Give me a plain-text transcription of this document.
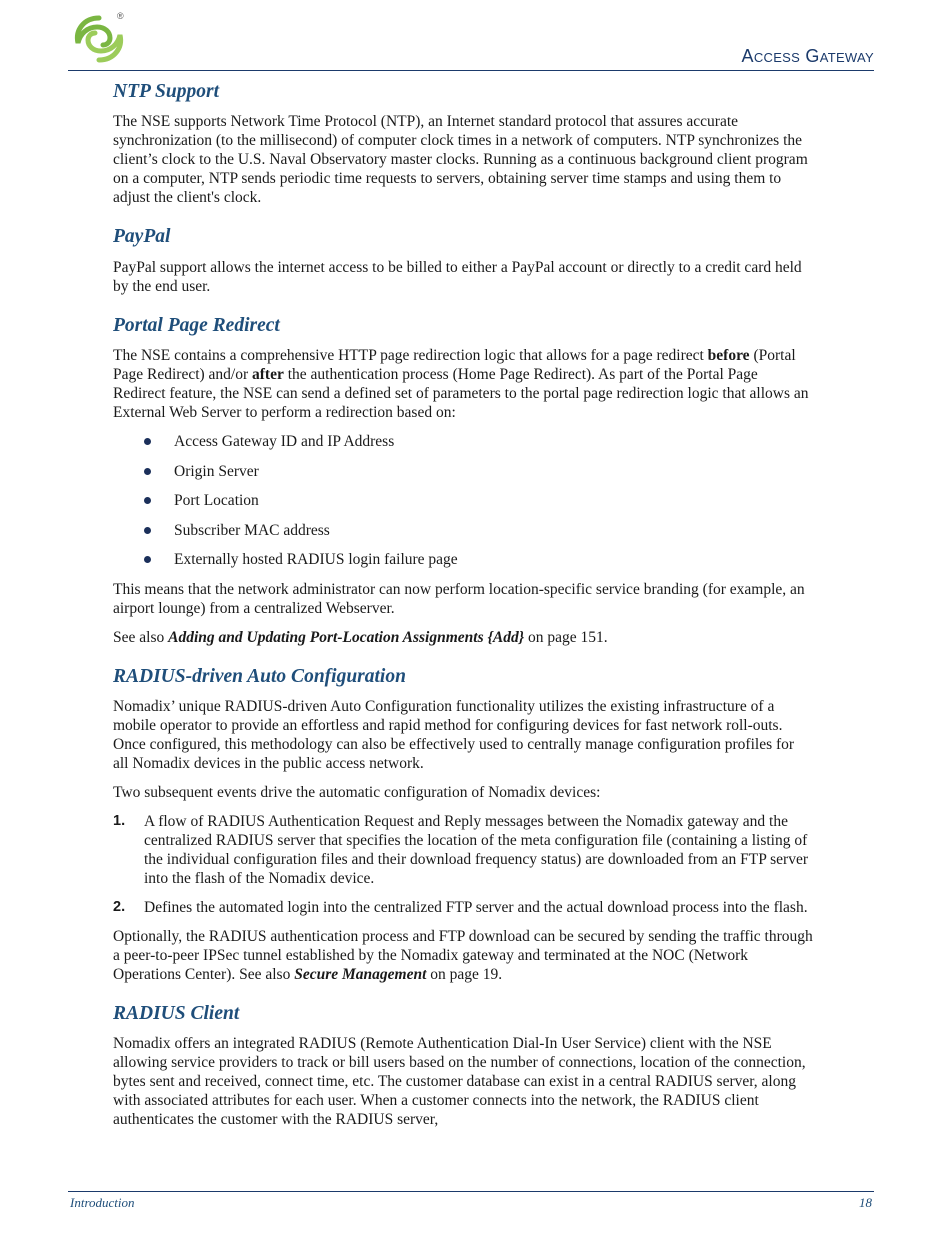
®
Access Gateway
NTP Support

The NSE supports Network Time Protocol (NTP), an Internet standard protocol that assures accurate synchronization (to the millisecond) of computer clock times in a network of computers. NTP synchronizes the client’s clock to the U.S. Naval Observatory master clocks. Running as a continuous background client program on a computer, NTP sends periodic time requests to servers, obtaining server time stamps and using them to adjust the client's clock.

PayPal

PayPal support allows the internet access to be billed to either a PayPal account or directly to a credit card held by the end user.

Portal Page Redirect

The NSE contains a comprehensive HTTP page redirection logic that allows for a page redirect before (Portal Page Redirect) and/or after the authentication process (Home Page Redirect). As part of the Portal Page Redirect feature, the NSE can send a defined set of parameters to the portal page redirection logic that allows an External Web Server to perform a redirection based on:

Access Gateway ID and IP Address
Origin Server
Port Location
Subscriber MAC address
Externally hosted RADIUS login failure page

This means that the network administrator can now perform location-specific service branding (for example, an airport lounge) from a centralized Webserver.

See also Adding and Updating Port-Location Assignments {Add} on page 151.

RADIUS-driven Auto Configuration

Nomadix’ unique RADIUS-driven Auto Configuration functionality utilizes the existing infrastructure of a mobile operator to provide an effortless and rapid method for configuring devices for fast network roll-outs. Once configured, this methodology can also be effectively used to centrally manage configuration profiles for all Nomadix devices in the public access network.

Two subsequent events drive the automatic configuration of Nomadix devices:

1. A flow of RADIUS Authentication Request and Reply messages between the Nomadix gateway and the centralized RADIUS server that specifies the location of the meta configuration file (containing a listing of the individual configuration files and their download frequency status) are downloaded from an FTP server into the flash of the Nomadix device.
2. Defines the automated login into the centralized FTP server and the actual download process into the flash.

Optionally, the RADIUS authentication process and FTP download can be secured by sending the traffic through a peer-to-peer IPSec tunnel established by the Nomadix gateway and terminated at the NOC (Network Operations Center). See also Secure Management on page 19.

RADIUS Client

Nomadix offers an integrated RADIUS (Remote Authentication Dial-In User Service) client with the NSE allowing service providers to track or bill users based on the number of connections, location of the connection, bytes sent and received, connect time, etc. The customer database can exist in a central RADIUS server, along with associated attributes for each user. When a customer connects into the network, the RADIUS client authenticates the customer with the RADIUS server,

Introduction	18
